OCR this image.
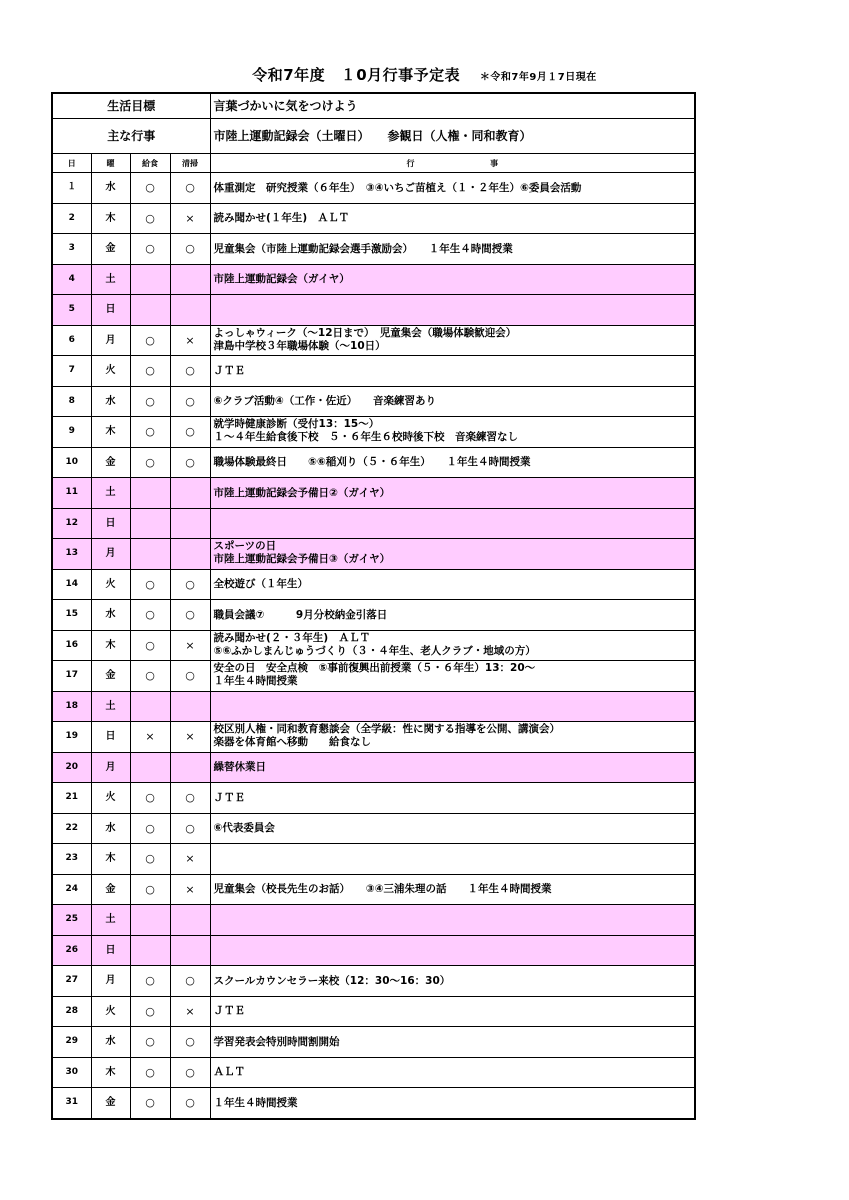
令和7年度　１0月行事予定表 ＊令和7年9月１7日現在
生活目標				言葉づかいに気をつけよう
主な行事				市陸上運動記録会（土曜日）　　参観日（人権・同和教育）
日	曜	給食	清掃	行 事
１	水	○	○	体重測定　研究授業（６年生）　③④いちご苗植え（１・２年生）⑥委員会活動

2	木	○	×	読み聞かせ(１年生)　ＡＬＴ

3	金	○	○	児童集会（市陸上運動記録会選手激励会）　　１年生４時間授業

4	土			市陸上運動記録会（ガイヤ）

5	日			
6	月	○	×	よっしゃウィーク（～12日まで）　児童集会（職場体験歓迎会）
津島中学校３年職場体験（～10日）

7	火	○	○	ＪＴＥ

8	水	○	○	⑥クラブ活動④（工作・佐近）　　音楽練習あり

9	木	○	○	就学時健康診断（受付13：15～）
１～４年生給食後下校　５・６年生６校時後下校　音楽練習なし

10	金	○	○	職場体験最終日　　⑤⑥稲刈り（５・６年生）　　１年生４時間授業

11	土			市陸上運動記録会予備日②（ガイヤ）

12	日			
13	月			スポーツの日
市陸上運動記録会予備日③（ガイヤ）

14	火	○	○	全校遊び（１年生）

15	水	○	○	職員会議⑦　　　9月分校納金引落日

16	木	○	×	読み聞かせ(２・３年生)　ＡＬＴ
⑤⑥ふかしまんじゅうづくり（３・４年生、老人クラブ・地域の方）

17	金	○	○	安全の日　安全点検　⑤事前復興出前授業（５・６年生）13：20～
１年生４時間授業

18	土			
19	日	×	×	校区別人権・同和教育懇談会（全学級：性に関する指導を公開、講演会）
楽器を体育館へ移動　　給食なし

20	月			繰替休業日

21	火	○	○	ＪＴＥ

22	水	○	○	⑥代表委員会

23	木	○	×	
24	金	○	×	児童集会（校長先生のお話）　　③④三浦朱理の話　　１年生４時間授業

25	土			
26	日			
27	月	○	○	スクールカウンセラー来校（12：30～16：30）

28	火	○	×	ＪＴＥ

29	水	○	○	学習発表会特別時間割開始

30	木	○	○	ＡＬＴ

31	金	○	○	１年生４時間授業
